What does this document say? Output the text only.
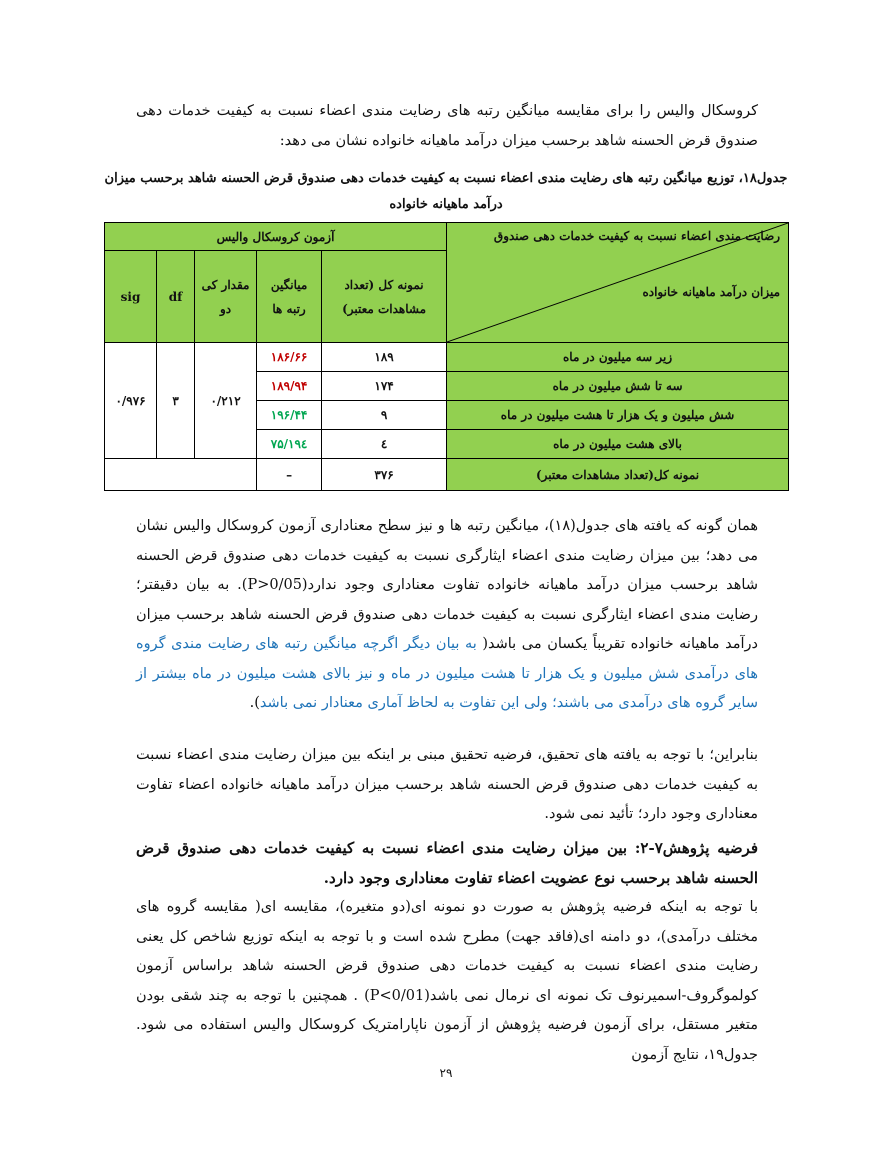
کروسکال والیس را برای مقایسه میانگین رتبه های رضایت مندی اعضاء نسبت به کیفیت خدمات دهی صندوق قرض الحسنه شاهد برحسب میزان درآمد ماهیانه خانواده نشان می دهد:
جدول۱۸، توزیع میانگین رتبه های رضایت مندی اعضاء نسبت به کیفیت خدمات دهی صندوق قرض الحسنه شاهد برحسب میزان درآمد ماهیانه خانواده
رضایت مندی اعضاء نسبت به کیفیت خدمات دهی صندوق
میزان درآمد ماهیانه خانواده	آزمون کروسکال والیس				
	نمونه کل (تعداد مشاهدات معتبر)	میانگین رتبه ها	مقدار کی دو	df	sig
زیر سه میلیون در ماه	۱۸۹	۱۸۶/۶۶	۰/۲۱۲	۳	۰/۹۷۶
سه تا شش میلیون در ماه	۱۷۴	۱۸۹/۹۴			
شش میلیون و یک هزار تا هشت میلیون در ماه	۹	۱۹۶/۴۴			
بالای هشت میلیون در ماه	٤	۱۹٤/۷۵			
نمونه کل(تعداد مشاهدات معتبر)	۳۷۶	–			
همان گونه که یافته های جدول(۱۸)، میانگین رتبه ها و نیز سطح معناداری آزمون کروسکال والیس نشان می دهد؛ بین میزان رضایت مندی اعضاء ایثارگری نسبت به کیفیت خدمات دهی صندوق قرض الحسنه شاهد برحسب میزان درآمد ماهیانه خانواده تفاوت معناداری وجود ندارد(P>0/05). به بیان دقیقتر؛ رضایت مندی اعضاء ایثارگری نسبت به کیفیت خدمات دهی صندوق قرض الحسنه شاهد برحسب میزان درآمد ماهیانه خانواده تقریباً یکسان می باشد( به بیان دیگر اگرچه میانگین رتبه های رضایت مندی گروه های درآمدی شش میلیون و یک هزار تا هشت میلیون در ماه و نیز بالای هشت میلیون در ماه بیشتر از سایر گروه های درآمدی می باشند؛ ولی این تفاوت به لحاظ آماری معنادار نمی باشد).
بنابراین؛ با توجه به یافته های تحقیق، فرضیه تحقیق مبنی بر اینکه بین میزان رضایت مندی اعضاء نسبت به کیفیت خدمات دهی صندوق قرض الحسنه شاهد برحسب میزان درآمد ماهیانه خانواده اعضاء تفاوت معناداری وجود دارد؛ تأئید نمی شود.
فرضیه پژوهش۷-۲: بین میزان رضایت مندی اعضاء نسبت به کیفیت خدمات دهی صندوق قرض الحسنه شاهد برحسب نوع عضویت اعضاء تفاوت معناداری وجود دارد.
با توجه به اینکه فرضیه پژوهش به صورت دو نمونه ای(دو متغیره)، مقایسه ای( مقایسه گروه های مختلف درآمدی)، دو دامنه ای(فاقد جهت) مطرح شده است و با توجه به اینکه توزیع شاخص کل یعنی رضایت مندی اعضاء نسبت به کیفیت خدمات دهی صندوق قرض الحسنه شاهد براساس آزمون کولموگروف-اسمیرنوف تک نمونه ای نرمال نمی باشد(P<0/01) . همچنین با توجه به چند شقی بودن متغیر مستقل، برای آزمون فرضیه پژوهش از آزمون ناپارامتریک کروسکال والیس استفاده می شود. جدول۱۹، نتایج آزمون
۲۹
